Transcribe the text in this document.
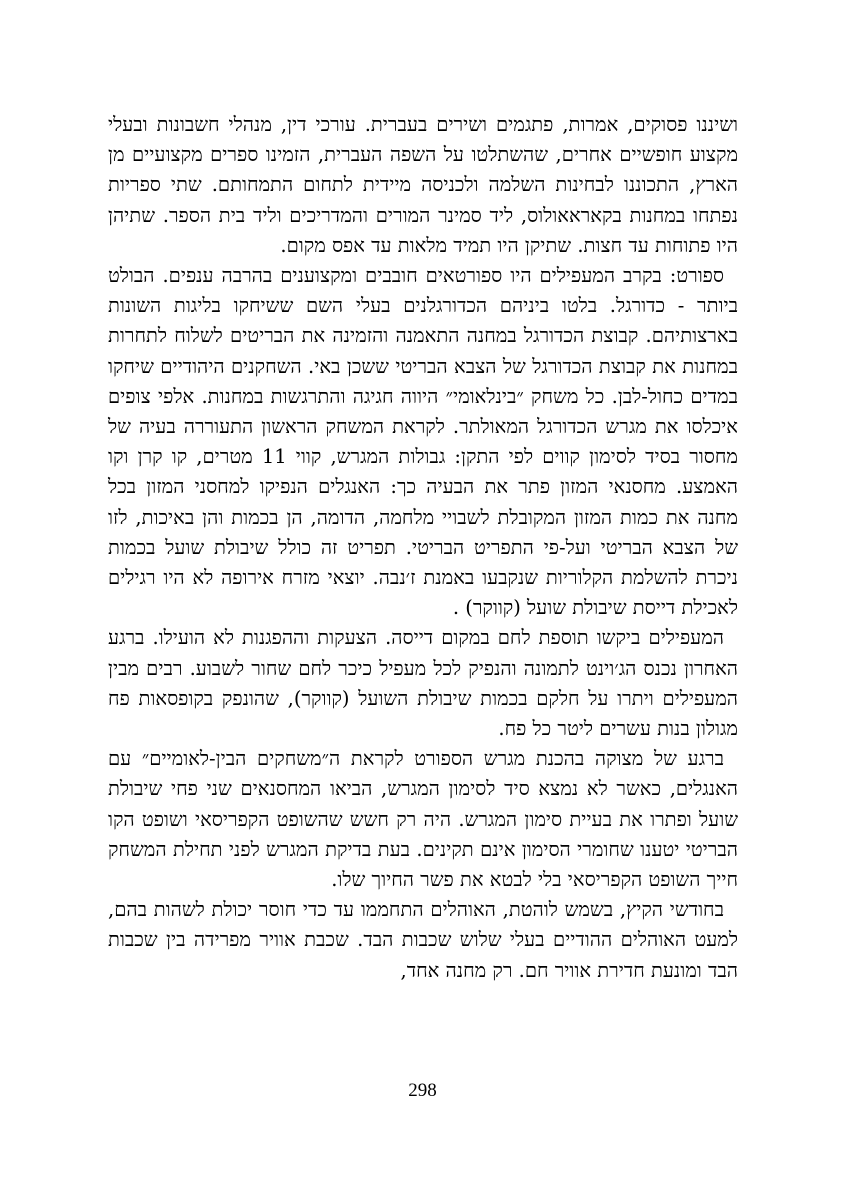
ושיננו פסוקים, אמרות, פתגמים ושירים בעברית. עורכי דין, מנהלי חשבונות ובעלי מקצוע חופשיים אחרים, שהשתלטו על השפה העברית, הזמינו ספרים מקצועיים מן הארץ, התכוננו לבחינות השלמה ולכניסה מיידית לתחום התמחותם. שתי ספריות נפתחו במחנות בקאראאולוס, ליד סמינר המורים והמדריכים וליד בית הספר. שתיהן היו פתוחות עד חצות. שתיקן היו תמיד מלאות עד אפס מקום.

ספורט: בקרב המעפילים היו ספורטאים חובבים ומקצוענים בהרבה ענפים. הבולט ביותר - כדורגל. בלטו ביניהם הכדורגלנים בעלי השם ששיחקו בליגות השונות בארצותיהם. קבוצת הכדורגל במחנה התאמנה והזמינה את הבריטים לשלוח לתחרות במחנות את קבוצת הכדורגל של הצבא הבריטי ששכן באי. השחקנים היהודיים שיחקו במדים כחול-לבן. כל משחק ״בינלאומי״ היווה חגיגה והתרגשות במחנות. אלפי צופים איכלסו את מגרש הכדורגל המאולתר. לקראת המשחק הראשון התעוררה בעיה של מחסור בסיד לסימון קווים לפי התקן: גבולות המגרש, קווי 11 מטרים, קו קרן וקו האמצע. מחסנאי המזון פתר את הבעיה כך: האנגלים הנפיקו למחסני המזון בכל מחנה את כמות המזון המקובלת לשבויי מלחמה, הדומה, הן בכמות והן באיכות, לזו של הצבא הבריטי ועל-פי התפריט הבריטי. תפריט זה כולל שיבולת שועל בכמות ניכרת להשלמת הקלוריות שנקבעו באמנת ז׳נבה. יוצאי מזרח אירופה לא היו רגילים לאכילת דייסת שיבולת שועל (קווקר) .

המעפילים ביקשו תוספת לחם במקום דייסה. הצעקות וההפגנות לא הועילו. ברגע האחרון נכנס הג׳וינט לתמונה והנפיק לכל מעפיל כיכר לחם שחור לשבוע. רבים מבין המעפילים ויתרו על חלקם בכמות שיבולת השועל (קווקר), שהונפק בקופסאות פח מגולון בנות עשרים ליטר כל פח.

ברגע של מצוקה בהכנת מגרש הספורט לקראת ה״משחקים הבין-לאומיים״ עם האנגלים, כאשר לא נמצא סיד לסימון המגרש, הביאו המחסנאים שני פחי שיבולת שועל ופתרו את בעיית סימון המגרש. היה רק חשש שהשופט הקפריסאי ושופט הקו הבריטי יטענו שחומרי הסימון אינם תקינים. בעת בדיקת המגרש לפני תחילת המשחק חייך השופט הקפריסאי בלי לבטא את פשר החיוך שלו.

בחודשי הקיץ, בשמש לוהטת, האוהלים התחממו עד כדי חוסר יכולת לשהות בהם, למעט האוהלים ההודיים בעלי שלוש שכבות הבד. שכבת אוויר מפרידה בין שכבות הבד ומונעת חדירת אוויר חם. רק מחנה אחד,

298
